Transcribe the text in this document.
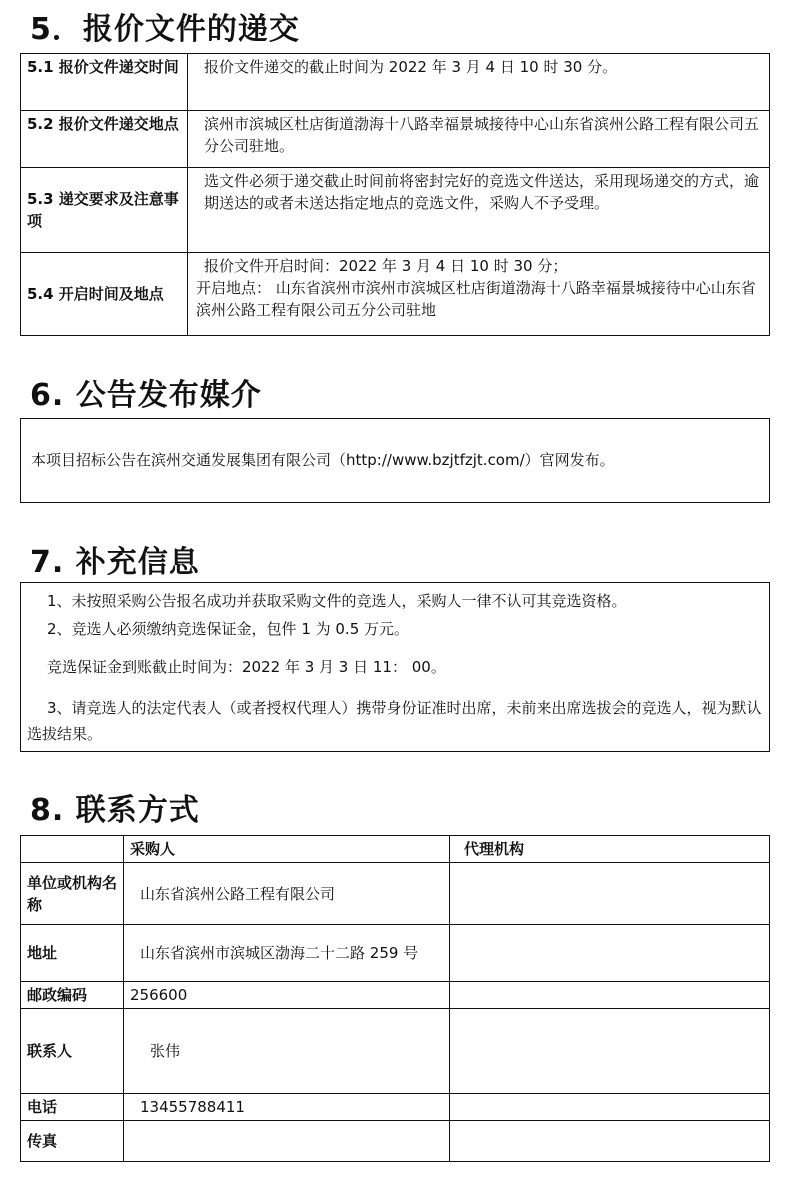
5．报价文件的递交
5.1 报价文件递交时间	报价文件递交的截止时间为 2022 年 3 月 4 日 10 时 30 分。
5.2 报价文件递交地点	滨州市滨城区杜店街道渤海十八路幸福景城接待中心山东省滨州公路工程有限公司五分公司驻地。
5.3 递交要求及注意事项	选文件必须于递交截止时间前将密封完好的竞选文件送达，采用现场递交的方式，逾期送达的或者未送达指定地点的竞选文件，采购人不予受理。
5.4 开启时间及地点	报价文件开启时间：2022 年 3 月 4 日 10 时 30 分；
开启地点： 山东省滨州市滨州市滨城区杜店街道渤海十八路幸福景城接待中心山东省滨州公路工程有限公司五分公司驻地
6. 公告发布媒介

本项目招标公告在滨州交通发展集团有限公司（http://www.bzjtfzjt.com/）官网发布。

7. 补充信息

1、未按照采购公告报名成功并获取采购文件的竞选人，采购人一律不认可其竞选资格。

2、竞选人必须缴纳竞选保证金，包件 1 为 0.5 万元。

竞选保证金到账截止时间为：2022 年 3 月 3 日 11： 00。

3、请竞选人的法定代表人（或者授权代理人）携带身份证准时出席，未前来出席选拔会的竞选人，视为默认选拔结果。

8. 联系方式
	采购人	代理机构
单位或机构名称	山东省滨州公路工程有限公司	
地址	山东省滨州市滨城区渤海二十二路 259 号	
邮政编码	256600	
联系人	张伟	
电话	13455788411	
传真		
